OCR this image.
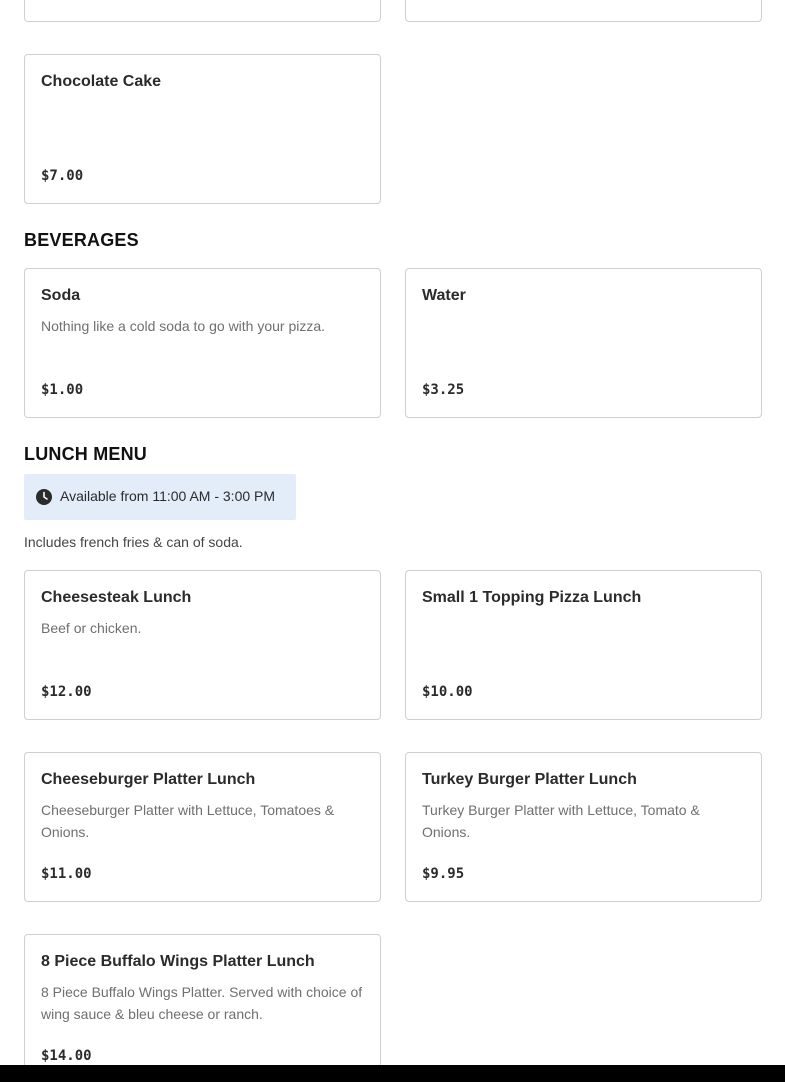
Chocolate Cake
$7.00
BEVERAGES
Soda
Nothing like a cold soda to go with your pizza.
$1.00
Water
$3.25
LUNCH MENU
Available from 11:00 AM - 3:00 PM
Includes french fries & can of soda.
Cheesesteak Lunch
Beef or chicken.
$12.00
Small 1 Topping Pizza Lunch
$10.00
Cheeseburger Platter Lunch
Cheeseburger Platter with Lettuce, Tomatoes & Onions.
$11.00
Turkey Burger Platter Lunch
Turkey Burger Platter with Lettuce, Tomato & Onions.
$9.95
8 Piece Buffalo Wings Platter Lunch
8 Piece Buffalo Wings Platter. Served with choice of wing sauce & bleu cheese or ranch.
$14.00
